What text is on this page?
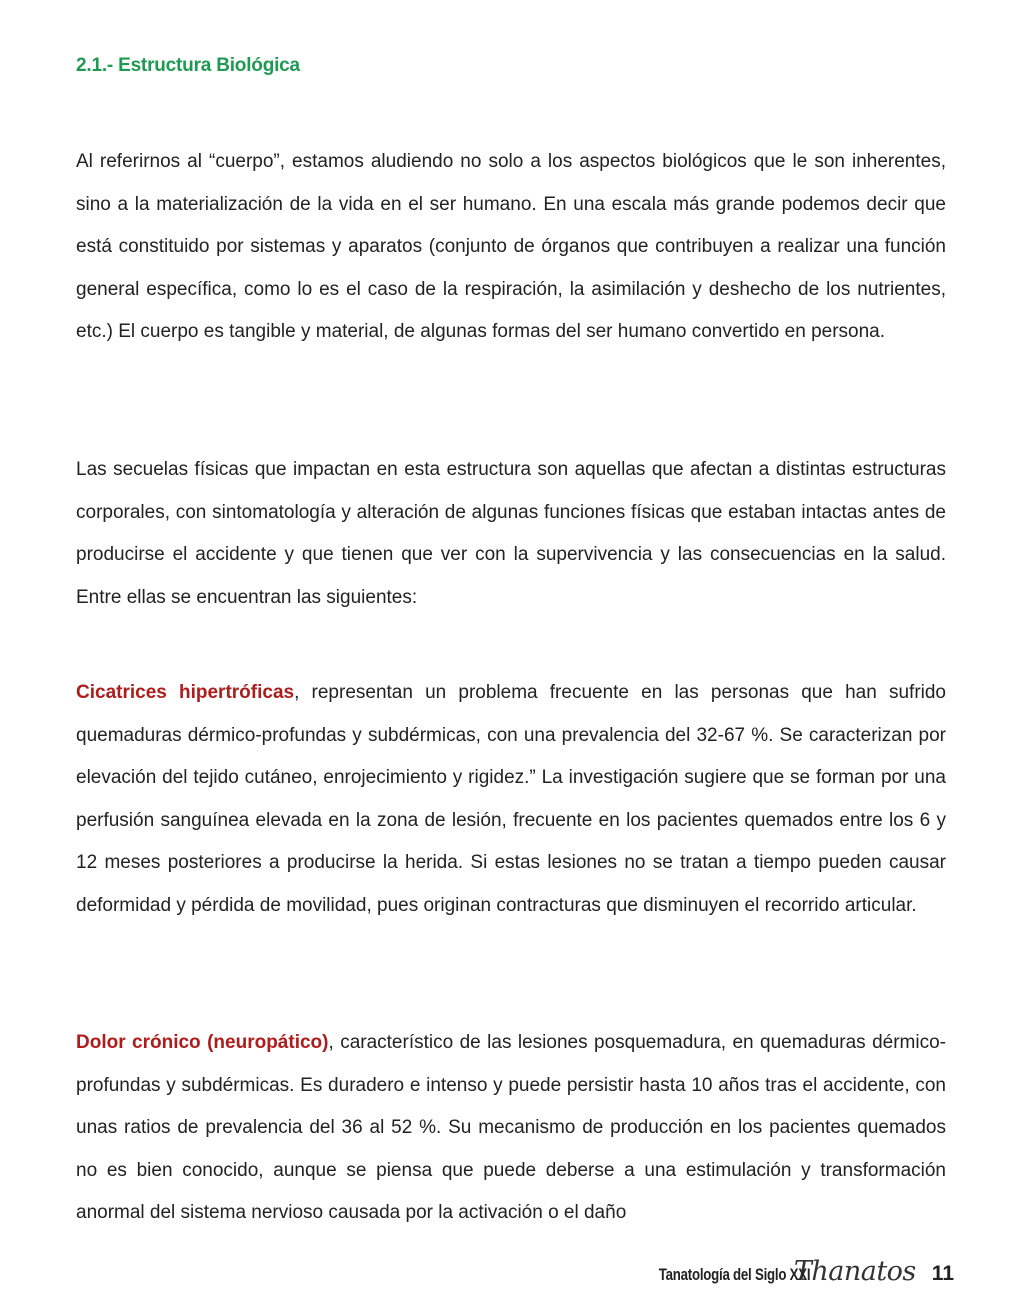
2.1.- Estructura Biológica

Al referirnos al “cuerpo”, estamos aludiendo no solo a los aspectos biológicos que le son inherentes, sino a la materialización de la vida en el ser humano. En una escala más grande podemos decir que está constituido por sistemas y aparatos (conjunto de órganos que contribuyen a realizar una función general específica, como lo es el caso de la respiración, la asimilación y deshecho de los nutrientes, etc.) El cuerpo es tangible y material, de algunas formas del ser humano convertido en persona.

Las secuelas físicas que impactan en esta estructura son aquellas que afectan a distintas estructuras corporales, con sintomatología y alteración de algunas funciones físicas que estaban intactas antes de producirse el accidente y que tienen que ver con la supervivencia y las consecuencias en la salud. Entre ellas se encuentran las siguientes:

Cicatrices hipertróficas, representan un problema frecuente en las personas que han sufrido quemaduras dérmico-profundas y subdérmicas, con una prevalencia del 32-67 %. Se caracterizan por elevación del tejido cutáneo, enrojecimiento y rigidez.” La investigación sugiere que se forman por una perfusión sanguínea elevada en la zona de lesión, frecuente en los pacientes quemados entre los 6 y 12 meses posteriores a producirse la herida. Si estas lesiones no se tratan a tiempo pueden causar deformidad y pérdida de movilidad, pues originan contracturas que disminuyen el recorrido articular.

Dolor crónico (neuropático), característico de las lesiones posquemadura, en quemaduras dérmico-profundas y subdérmicas. Es duradero e intenso y puede persistir hasta 10 años tras el accidente, con unas ratios de prevalencia del 36 al 52 %. Su mecanismo de producción en los pacientes quemados no es bien conocido, aunque se piensa que puede deberse a una estimulación y transformación anormal del sistema nervioso causada por la activación o el daño

Tanatología del Siglo XXI
Thanatos 11
